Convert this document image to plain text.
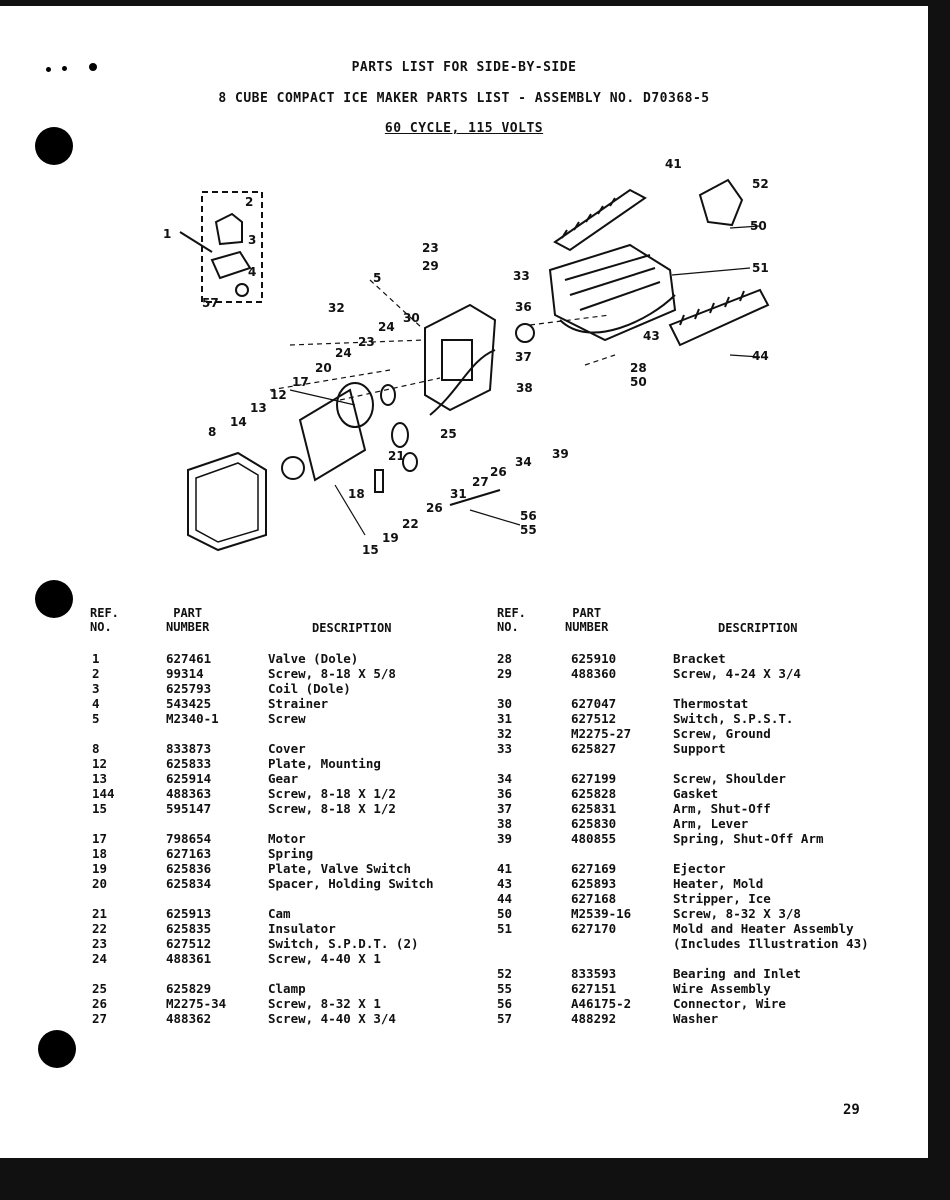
PARTS LIST FOR SIDE-BY-SIDE
8 CUBE COMPACT ICE MAKER PARTS LIST - ASSEMBLY NO. D70368-5
60 CYCLE, 115 VOLTS
1
2
3
4
57
5
8
12
13
14
15
17
18
19
20
21
22
23
23
24
24
25
26
26
27
28
29
30
31
32
33
34
36
37
38
39
41
43
44
50
50
51
52
55
56
REF.
NO.
PART
NUMBER	DESCRIPTION
REF.
NO.
PART
NUMBER	DESCRIPTION
1	627461	Valve (Dole)
2	99314	Screw, 8-18 X 5/8
3	625793	Coil (Dole)
4	543425	Strainer
5	M2340-1	Screw
8	833873	Cover
12	625833	Plate, Mounting
13	625914	Gear
144	488363	Screw, 8-18 X 1/2
15	595147	Screw, 8-18 X 1/2
17	798654	Motor
18	627163	Spring
19	625836	Plate, Valve Switch
20	625834	Spacer, Holding Switch
21	625913	Cam
22	625835	Insulator
23	627512	Switch, S.P.D.T. (2)
24	488361	Screw, 4-40 X 1
25	625829	Clamp
26	M2275-34	Screw, 8-32 X 1
27	488362	Screw, 4-40 X 3/4
28	625910	Bracket
29	488360	Screw, 4-24 X 3/4
30	627047	Thermostat
31	627512	Switch, S.P.S.T.
32	M2275-27	Screw, Ground
33	625827	Support
34	627199	Screw, Shoulder
36	625828	Gasket
37	625831	Arm, Shut-Off
38	625830	Arm, Lever
39	480855	Spring, Shut-Off Arm
41	627169	Ejector
43	625893	Heater, Mold
44	627168	Stripper, Ice
50	M2539-16	Screw, 8-32 X 3/8
51	627170	Mold and Heater Assembly
(Includes Illustration 43)
52	833593	Bearing and Inlet
55	627151	Wire Assembly
56	A46175-2	Connector, Wire
57	488292	Washer
29
